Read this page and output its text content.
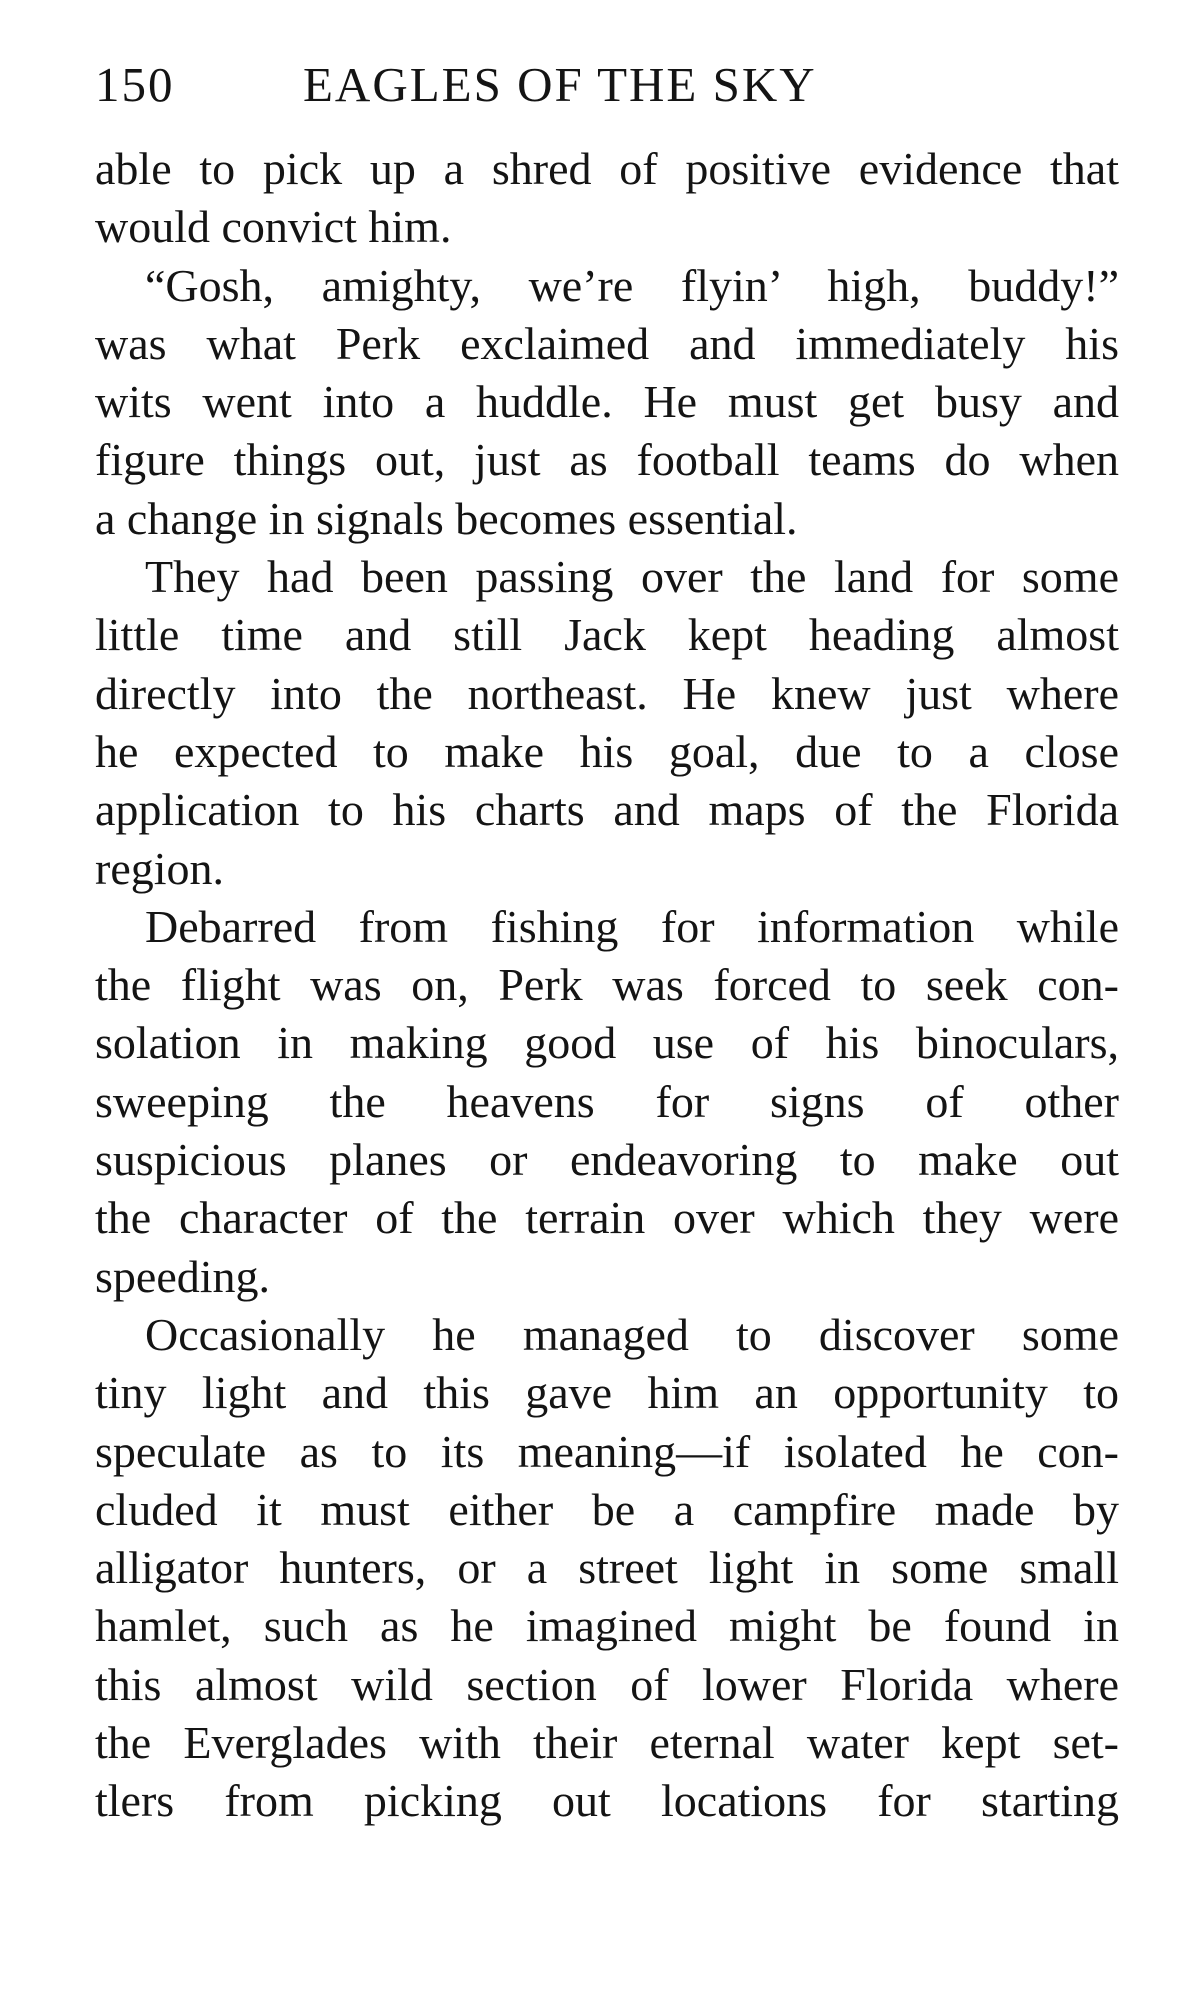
150	EAGLES OF THE SKY
able to pick up a shred of positive evidence that
would convict him.
“Gosh, amighty, we’re flyin’ high, buddy!”
was what Perk exclaimed and immediately his
wits went into a huddle. He must get busy and
figure things out, just as football teams do when
a change in signals becomes essential.
They had been passing over the land for some
little time and still Jack kept heading almost
directly into the northeast. He knew just where
he expected to make his goal, due to a close
application to his charts and maps of the Florida
region.
Debarred from fishing for information while
the flight was on, Perk was forced to seek con-
solation in making good use of his binoculars,
sweeping the heavens for signs of other
suspicious planes or endeavoring to make out
the character of the terrain over which they were
speeding.
Occasionally he managed to discover some
tiny light and this gave him an opportunity to
speculate as to its meaning—if isolated he con-
cluded it must either be a campfire made by
alligator hunters, or a street light in some small
hamlet, such as he imagined might be found in
this almost wild section of lower Florida where
the Everglades with their eternal water kept set-
tlers from picking out locations for starting
